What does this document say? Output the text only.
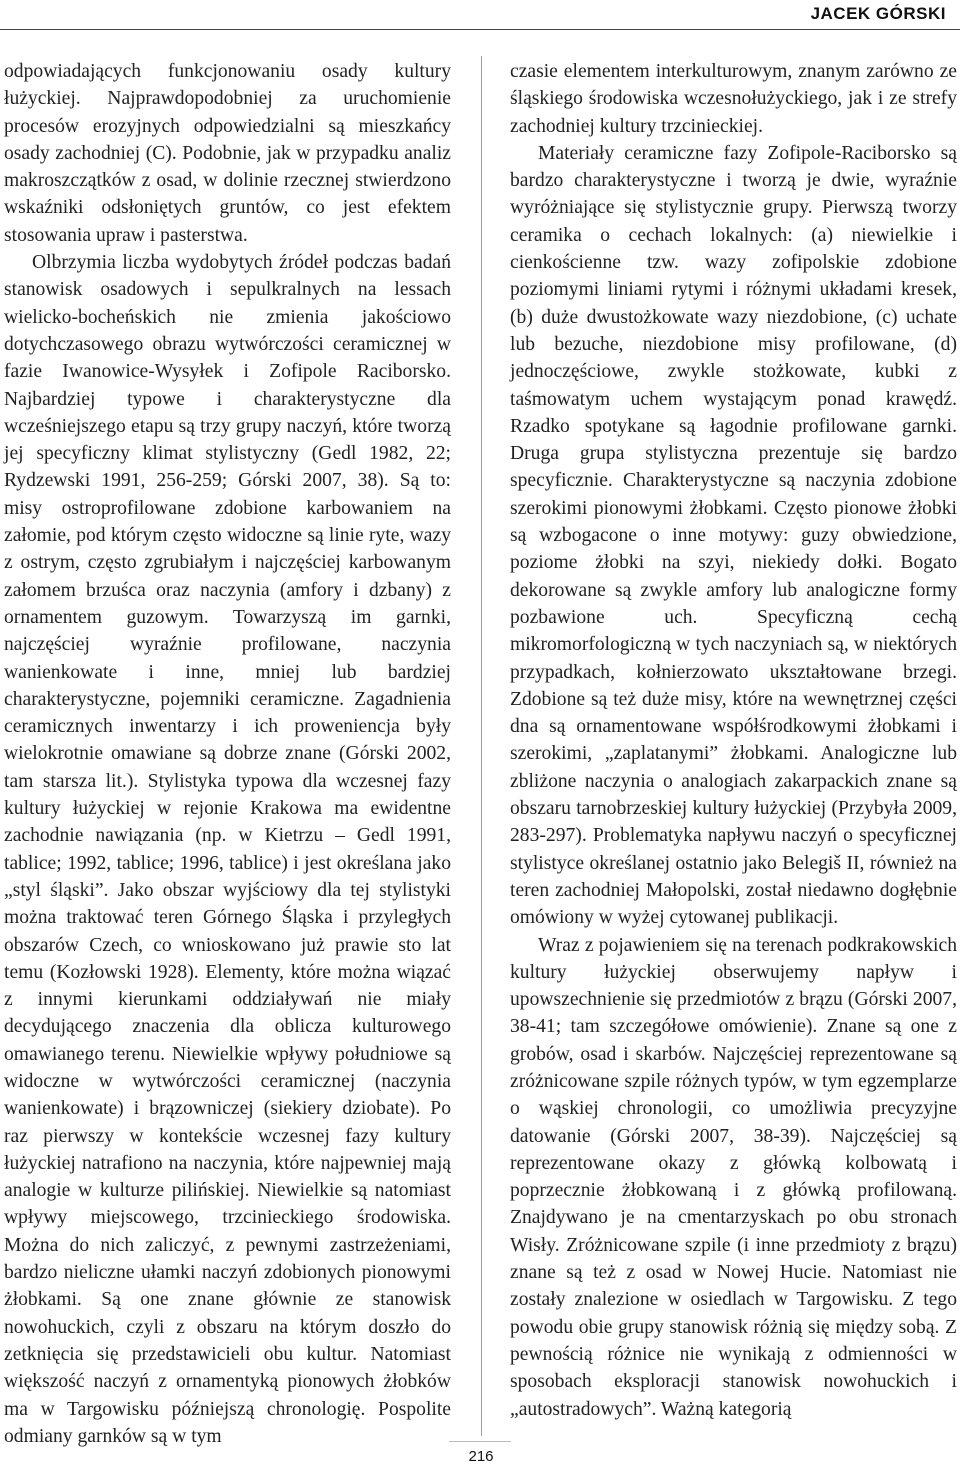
JACEK GÓRSKI

odpowiadających funkcjonowaniu osady kultury łużyckiej. Najprawdopodobniej za uruchomienie procesów erozyjnych odpowiedzialni są mieszkańcy osady zachodniej (C). Podobnie, jak w przypadku analiz makroszczątków z osad, w dolinie rzecznej stwierdzono wskaźniki odsłoniętych gruntów, co jest efektem stosowania upraw i pasterstwa.

Olbrzymia liczba wydobytych źródeł podczas badań stanowisk osadowych i sepulkralnych na lessach wielicko-bocheńskich nie zmienia jakościowo dotychczasowego obrazu wytwórczości ceramicznej w fazie Iwanowice-Wysyłek i Zofipole Raciborsko. Najbardziej typowe i charakterystyczne dla wcześniejszego etapu są trzy grupy naczyń, które tworzą jej specyficzny klimat stylistyczny (Gedl 1982, 22; Rydzewski 1991, 256-259; Górski 2007, 38). Są to: misy ostroprofilowane zdobione karbowaniem na załomie, pod którym często widoczne są linie ryte, wazy z ostrym, często zgrubiałym i najczęściej karbowanym załomem brzuśca oraz naczynia (amfory i dzbany) z ornamentem guzowym. Towarzyszą im garnki, najczęściej wyraźnie profilowane, naczynia wanienkowate i inne, mniej lub bardziej charakterystyczne, pojemniki ceramiczne. Zagadnienia ceramicznych inwentarzy i ich proweniencja były wielokrotnie omawiane są dobrze znane (Górski 2002, tam starsza lit.). Stylistyka typowa dla wczesnej fazy kultury łużyckiej w rejonie Krakowa ma ewidentne zachodnie nawiązania (np. w Kietrzu – Gedl 1991, tablice; 1992, tablice; 1996, tablice) i jest określana jako „styl śląski”. Jako obszar wyjściowy dla tej stylistyki można traktować teren Górnego Śląska i przyległych obszarów Czech, co wnioskowano już prawie sto lat temu (Kozłowski 1928). Elementy, które można wiązać z innymi kierunkami oddziaływań nie miały decydującego znaczenia dla oblicza kulturowego omawianego terenu. Niewielkie wpływy południowe są widoczne w wytwórczości ceramicznej (naczynia wanienkowate) i brązowniczej (siekiery dziobate). Po raz pierwszy w kontekście wczesnej fazy kultury łużyckiej natrafiono na naczynia, które najpewniej mają analogie w kulturze pilińskiej. Niewielkie są natomiast wpływy miejscowego, trzcinieckiego środowiska. Można do nich zaliczyć, z pewnymi zastrzeżeniami, bardzo nieliczne ułamki naczyń zdobionych pionowymi żłobkami. Są one znane głównie ze stanowisk nowohuckich, czyli z obszaru na którym doszło do zetknięcia się przedstawicieli obu kultur. Natomiast większość naczyń z ornamentyką pionowych żłobków ma w Targowisku późniejszą chronologię. Pospolite odmiany garnków są w tym

czasie elementem interkulturowym, znanym zarówno ze śląskiego środowiska wczesnołużyckiego, jak i ze strefy zachodniej kultury trzcinieckiej.

Materiały ceramiczne fazy Zofipole-Raciborsko są bardzo charakterystyczne i tworzą je dwie, wyraźnie wyróżniające się stylistycznie grupy. Pierwszą tworzy ceramika o cechach lokalnych: (a) niewielkie i cienkościenne tzw. wazy zofipolskie zdobione poziomymi liniami rytymi i różnymi układami kresek, (b) duże dwustożkowate wazy niezdobione, (c) uchate lub bezuche, niezdobione misy profilowane, (d) jednoczęściowe, zwykle stożkowate, kubki z taśmowatym uchem wystającym ponad krawędź. Rzadko spotykane są łagodnie profilowane garnki. Druga grupa stylistyczna prezentuje się bardzo specyficznie. Charakterystyczne są naczynia zdobione szerokimi pionowymi żłobkami. Często pionowe żłobki są wzbogacone o inne motywy: guzy obwiedzione, poziome żłobki na szyi, niekiedy dołki. Bogato dekorowane są zwykle amfory lub analogiczne formy pozbawione uch. Specyficzną cechą mikromorfologiczną w tych naczyniach są, w niektórych przypadkach, kołnierzowato ukształtowane brzegi. Zdobione są też duże misy, które na wewnętrznej części dna są ornamentowane współśrodkowymi żłobkami i szerokimi, „zaplatanymi” żłobkami. Analogiczne lub zbliżone naczynia o analogiach zakarpackich znane są obszaru tarnobrzeskiej kultury łużyckiej (Przybyła 2009, 283-297). Problematyka napływu naczyń o specyficznej stylistyce określanej ostatnio jako Belegiš II, również na teren zachodniej Małopolski, został niedawno dogłębnie omówiony w wyżej cytowanej publikacji.

Wraz z pojawieniem się na terenach podkrakowskich kultury łużyckiej obserwujemy napływ i upowszechnienie się przedmiotów z brązu (Górski 2007, 38-41; tam szczegółowe omówienie). Znane są one z grobów, osad i skarbów. Najczęściej reprezentowane są zróżnicowane szpile różnych typów, w tym egzemplarze o wąskiej chronologii, co umożliwia precyzyjne datowanie (Górski 2007, 38-39). Najczęściej są reprezentowane okazy z główką kolbowatą i poprzecznie żłobkowaną i z główką profilowaną. Znajdywano je na cmentarzyskach po obu stronach Wisły. Zróżnicowane szpile (i inne przedmioty z brązu) znane są też z osad w Nowej Hucie. Natomiast nie zostały znalezione w osiedlach w Targowisku. Z tego powodu obie grupy stanowisk różnią się między sobą. Z pewnością różnice nie wynikają z odmienności w sposobach eksploracji stanowisk nowohuckich i „autostradowych”. Ważną kategorią

216
